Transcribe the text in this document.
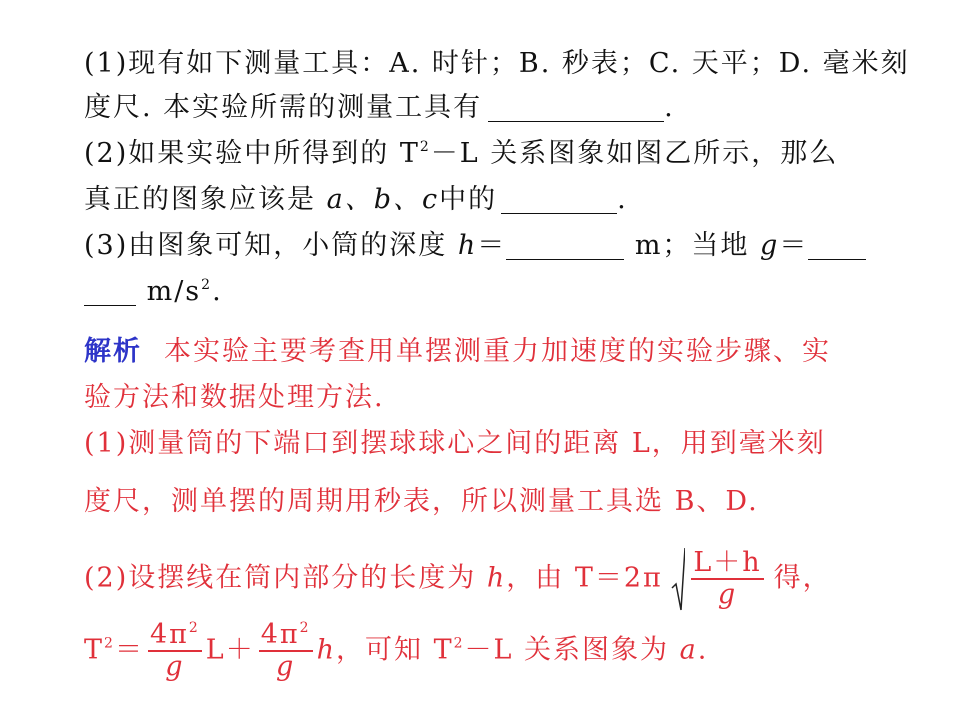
(1)现有如下测量工具：A. 时针；B. 秒表；C. 天平；D. 毫米刻
度尺. 本实验所需的测量工具有	.
(2)如果实验中所得到的 $T^2-L$ 关系图象如图乙所示，那么
真正的图象应该是 a、b、c中的	.
(3)由图象可知，小筒的深度 h＝	m；当地 g＝
$m/s^2$.
解析 本实验主要考查用单摆测重力加速度的实验步骤、实
验方法和数据处理方法.
(1)测量筒的下端口到摆球球心之间的距离 L，用到毫米刻
度尺，测单摆的周期用秒表，所以测量工具选 B、D.
(2)设摆线在筒内部分的长度为 h，由 $T=2\pi \frac{L+h}{g}$ 得，
$T^2= \frac{4\pi^2}{g} L+ \frac{4\pi^2}{g}$ h，可知 $T^2-L$ 关系图象为 a.
